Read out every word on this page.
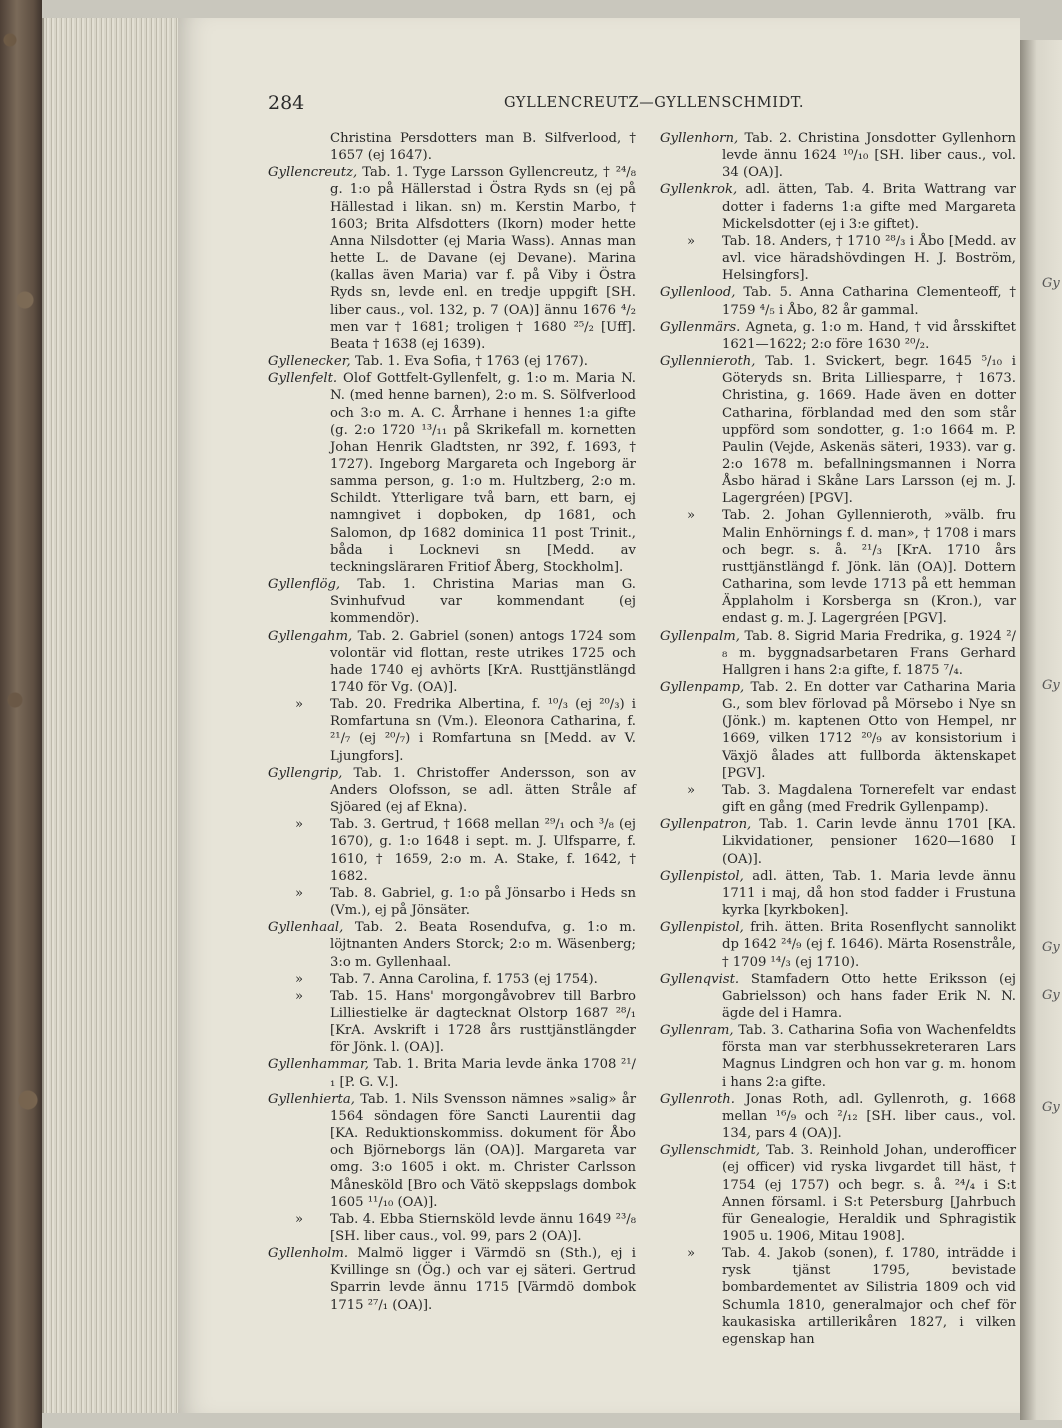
Gy
Gy
Gy
Gy
Gy
284	GYLLENCREUTZ—GYLLENSCHMIDT.

Christina Persdotters man B. Silfverlood, † 1657 (ej 1647).

Gyllencreutz, Tab. 1. Tyge Larsson Gyllencreutz, † ²⁴/₈ g. 1:o på Hällerstad i Östra Ryds sn (ej på Hällestad i likan. sn) m. Kerstin Marbo, † 1603; Brita Alfsdotters (Ikorn) moder hette Anna Nilsdotter (ej Maria Wass). Annas man hette L. de Davane (ej Devane). Marina (kallas även Maria) var f. på Viby i Östra Ryds sn, levde enl. en tredje uppgift [SH. liber caus., vol. 132, p. 7 (OA)] ännu 1676 ⁴/₂ men var † 1681; troligen † 1680 ²⁵/₂ [Uff]. Beata † 1638 (ej 1639).

Gyllenecker, Tab. 1. Eva Sofia, † 1763 (ej 1767).

Gyllenfelt. Olof Gottfelt-Gyllenfelt, g. 1:o m. Maria N. N. (med henne barnen), 2:o m. S. Sölfverlood och 3:o m. A. C. Årrhane i hennes 1:a gifte (g. 2:o 1720 ¹³/₁₁ på Skrikefall m. kornetten Johan Henrik Gladtsten, nr 392, f. 1693, † 1727). Ingeborg Margareta och Ingeborg är samma person, g. 1:o m. Hultzberg, 2:o m. Schildt. Ytterligare två barn, ett barn, ej namngivet i dopboken, dp 1681, och Salomon, dp 1682 dominica 11 post Trinit., båda i Locknevi sn [Medd. av teckningsläraren Fritiof Åberg, Stockholm].

Gyllenflög, Tab. 1. Christina Marias man G. Svinhufvud var kommendant (ej kommendör).

Gyllengahm, Tab. 2. Gabriel (sonen) antogs 1724 som volontär vid flottan, reste utrikes 1725 och hade 1740 ej avhörts [KrA. Rusttjänstlängd 1740 för Vg. (OA)].

» Tab. 20. Fredrika Albertina, f. ¹⁰/₃ (ej ²⁰/₃) i Romfartuna sn (Vm.). Eleonora Catharina, f. ²¹/₇ (ej ²⁰/₇) i Romfartuna sn [Medd. av V. Ljungfors].

Gyllengrip, Tab. 1. Christoffer Andersson, son av Anders Olofsson, se adl. ätten Stråle af Sjöared (ej af Ekna).

» Tab. 3. Gertrud, † 1668 mellan ²⁹/₁ och ³/₈ (ej 1670), g. 1:o 1648 i sept. m. J. Ulfsparre, f. 1610, † 1659, 2:o m. A. Stake, f. 1642, † 1682.

» Tab. 8. Gabriel, g. 1:o på Jönsarbo i Heds sn (Vm.), ej på Jönsäter.

Gyllenhaal, Tab. 2. Beata Rosendufva, g. 1:o m. löjtnanten Anders Storck; 2:o m. Wäsenberg; 3:o m. Gyllenhaal.

» Tab. 7. Anna Carolina, f. 1753 (ej 1754).

» Tab. 15. Hans' morgongåvobrev till Barbro Lilliestielke är dagtecknat Olstorp 1687 ²⁸/₁ [KrA. Avskrift i 1728 års rusttjänstlängder för Jönk. l. (OA)].

Gyllenhammar, Tab. 1. Brita Maria levde änka 1708 ²¹/₁ [P. G. V.].

Gyllenhierta, Tab. 1. Nils Svensson nämnes »salig» år 1564 söndagen före Sancti Laurentii dag [KA. Reduktionskommiss. dokument för Åbo och Björneborgs län (OA)]. Margareta var omg. 3:o 1605 i okt. m. Christer Carlsson Månesköld [Bro och Vätö skeppslags dombok 1605 ¹¹/₁₀ (OA)].

» Tab. 4. Ebba Stiernsköld levde ännu 1649 ²³/₈ [SH. liber caus., vol. 99, pars 2 (OA)].

Gyllenholm. Malmö ligger i Värmdö sn (Sth.), ej i Kvillinge sn (Ög.) och var ej säteri. Gertrud Sparrin levde ännu 1715 [Värmdö dombok 1715 ²⁷/₁ (OA)].

Gyllenhorn, Tab. 2. Christina Jonsdotter Gyllenhorn levde ännu 1624 ¹⁰/₁₀ [SH. liber caus., vol. 34 (OA)].

Gyllenkrok, adl. ätten, Tab. 4. Brita Wattrang var dotter i faderns 1:a gifte med Margareta Mickelsdotter (ej i 3:e giftet).

» Tab. 18. Anders, † 1710 ²⁸/₃ i Åbo [Medd. av avl. vice häradshövdingen H. J. Boström, Helsingfors].

Gyllenlood, Tab. 5. Anna Catharina Clementeoff, † 1759 ⁴/₅ i Åbo, 82 år gammal.

Gyllenmärs. Agneta, g. 1:o m. Hand, † vid årsskiftet 1621—1622; 2:o före 1630 ²⁰/₂.

Gyllennieroth, Tab. 1. Svickert, begr. 1645 ⁵/₁₀ i Göteryds sn. Brita Lilliesparre, † 1673. Christina, g. 1669. Hade även en dotter Catharina, förblandad med den som står uppförd som sondotter, g. 1:o 1664 m. P. Paulin (Vejde, Askenäs säteri, 1933). var g. 2:o 1678 m. befallningsmannen i Norra Åsbo härad i Skåne Lars Larsson (ej m. J. Lagergréen) [PGV].

» Tab. 2. Johan Gyllennieroth, »välb. fru Malin Enhörnings f. d. man», † 1708 i mars och begr. s. å. ²¹/₃ [KrA. 1710 års rusttjänstlängd f. Jönk. län (OA)]. Dottern Catharina, som levde 1713 på ett hemman Äpplaholm i Korsberga sn (Kron.), var endast g. m. J. Lagergréen [PGV].

Gyllenpalm, Tab. 8. Sigrid Maria Fredrika, g. 1924 ²/₈ m. byggnadsarbetaren Frans Gerhard Hallgren i hans 2:a gifte, f. 1875 ⁷/₄.

Gyllenpamp, Tab. 2. En dotter var Catharina Maria G., som blev förlovad på Mörsebo i Nye sn (Jönk.) m. kaptenen Otto von Hempel, nr 1669, vilken 1712 ²⁰/₉ av konsistorium i Växjö ålades att fullborda äktenskapet [PGV].

» Tab. 3. Magdalena Tornerefelt var endast gift en gång (med Fredrik Gyllenpamp).

Gyllenpatron, Tab. 1. Carin levde ännu 1701 [KA. Likvidationer, pensioner 1620—1680 I (OA)].

Gyllenpistol, adl. ätten, Tab. 1. Maria levde ännu 1711 i maj, då hon stod fadder i Frustuna kyrka [kyrkboken].

Gyllenpistol, frih. ätten. Brita Rosenflycht sannolikt dp 1642 ²⁴/₉ (ej f. 1646). Märta Rosenstråle, † 1709 ¹⁴/₃ (ej 1710).

Gyllenqvist. Stamfadern Otto hette Eriksson (ej Gabrielsson) och hans fader Erik N. N. ägde del i Hamra.

Gyllenram, Tab. 3. Catharina Sofia von Wachenfeldts första man var sterbhussekreteraren Lars Magnus Lindgren och hon var g. m. honom i hans 2:a gifte.

Gyllenroth. Jonas Roth, adl. Gyllenroth, g. 1668 mellan ¹⁶/₉ och ²/₁₂ [SH. liber caus., vol. 134, pars 4 (OA)].

Gyllenschmidt, Tab. 3. Reinhold Johan, underofficer (ej officer) vid ryska livgardet till häst, † 1754 (ej 1757) och begr. s. å. ²⁴/₄ i S:t Annen församl. i S:t Petersburg [Jahrbuch für Genealogie, Heraldik und Sphragistik 1905 u. 1906, Mitau 1908].

» Tab. 4. Jakob (sonen), f. 1780, inträdde i rysk tjänst 1795, bevistade bombardementet av Silistria 1809 och vid Schumla 1810, generalmajor och chef för kaukasiska artillerikåren 1827, i vilken egenskap han
